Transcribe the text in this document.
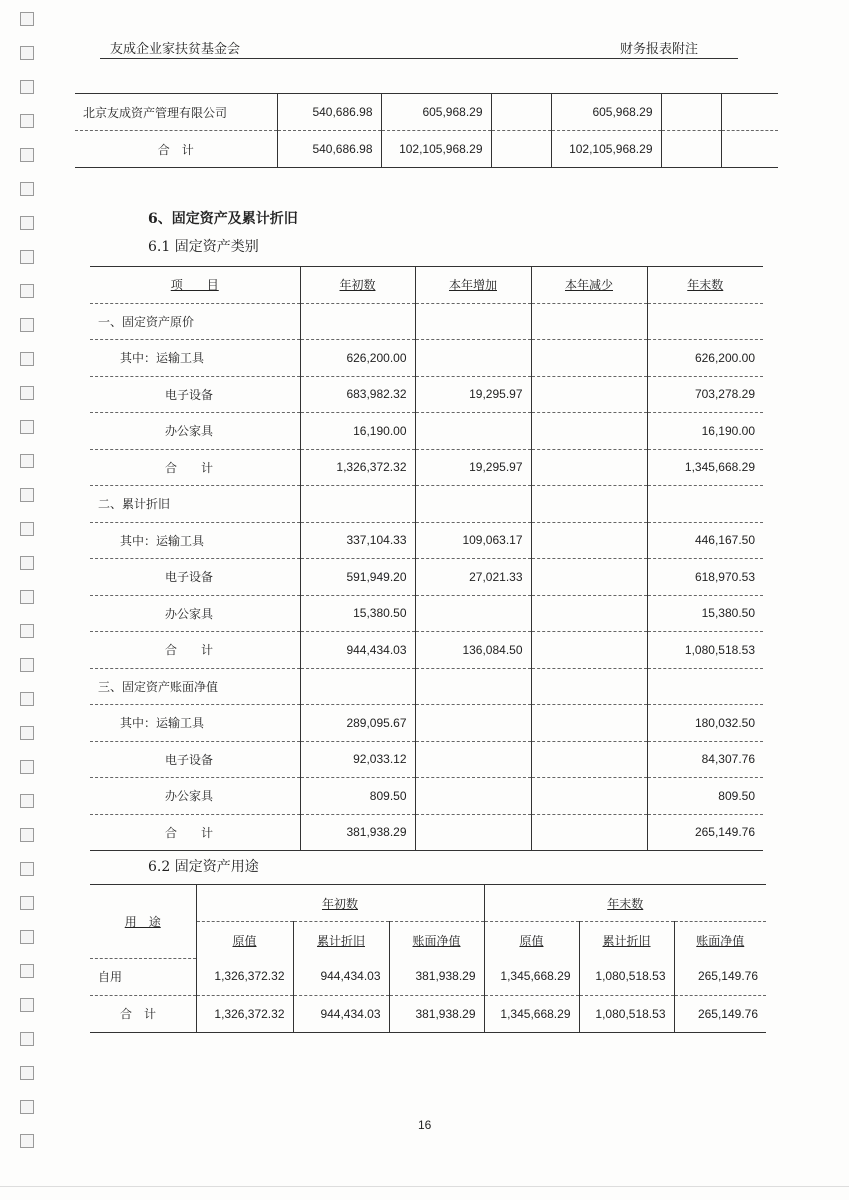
友成企业家扶贫基金会	财务报表附注
北京友成资产管理有限公司	540,686.98	605,968.29		605,968.29		
合　计	540,686.98	102,105,968.29		102,105,968.29		
6、固定资产及累计折旧
6.1 固定资产类别
项　　目	年初数	本年增加	本年减少	年末数
一、固定资产原价				
其中：运输工具	626,200.00			626,200.00
电子设备	683,982.32	19,295.97		703,278.29
办公家具	16,190.00			16,190.00
合　　计	1,326,372.32	19,295.97		1,345,668.29
二、累计折旧				
其中：运输工具	337,104.33	109,063.17		446,167.50
电子设备	591,949.20	27,021.33		618,970.53
办公家具	15,380.50			15,380.50
合　　计	944,434.03	136,084.50		1,080,518.53
三、固定资产账面净值				
其中：运输工具	289,095.67			180,032.50
电子设备	92,033.12			84,307.76
办公家具	809.50			809.50
合　　计	381,938.29			265,149.76
6.2 固定资产用途
用　途	年初数			年末数		
	原值	累计折旧	账面净值	原值	累计折旧	账面净值
自用	1,326,372.32	944,434.03	381,938.29	1,345,668.29	1,080,518.53	265,149.76
合　计	1,326,372.32	944,434.03	381,938.29	1,345,668.29	1,080,518.53	265,149.76
16
